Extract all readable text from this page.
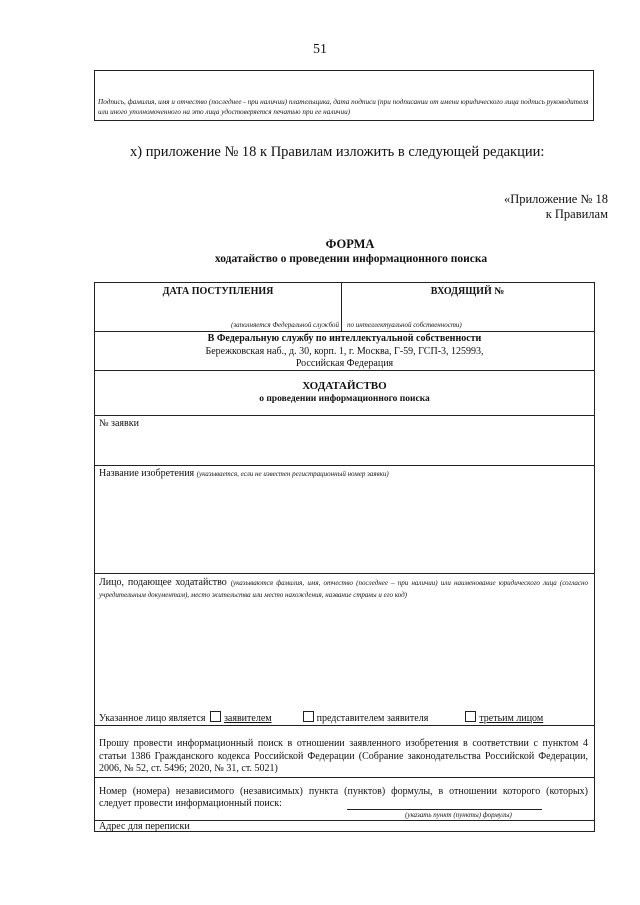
51
Подпись, фамилия, имя и отчество (последнее - при наличии) плательщика, дата подписи (при подписании от имени юридического лица подпись руководителя или иного уполномоченного на это лица удостоверяется печатью при ее наличии)
х) приложение № 18 к Правилам изложить в следующей редакции:
«Приложение № 18
к Правилам
ФОРМА
ходатайство о проведении информационного поиска
ДАТА ПОСТУПЛЕНИЯ	ВХОДЯЩИЙ №
(заполняется Федеральной службой по интеллектуальной собственности)
В Федеральную службу по интеллектуальной собственности
Бережковская наб., д. 30, корп. 1, г. Москва, Г-59, ГСП-3, 125993,
Российская Федерация
ХОДАТАЙСТВО
о проведении информационного поиска
№ заявки
Название изобретения (указывается, если не известен регистрационный номер заявки)
Лицо, подающее ходатайство (указываются фамилия, имя, отчество (последнее – при наличии) или наименование юридического лица (согласно учредительным документам), место жительства или место нахождения, название страны и его код)
Указанное лицо является заявителем	представителем заявителя	третьим лицом
Прошу провести информационный поиск в отношении заявленного изобретения в соответствии с пунктом 4 статьи 1386 Гражданского кодекса Российской Федерации (Собрание законодательства Российской Федерации, 2006, № 52, ст. 5496; 2020, № 31, ст. 5021)
Номер (номера) независимого (независимых) пункта (пунктов) формулы, в отношении которого (которых) следует провести информационный поиск:
(указать пункт (пункты) формулы)
Адрес для переписки
